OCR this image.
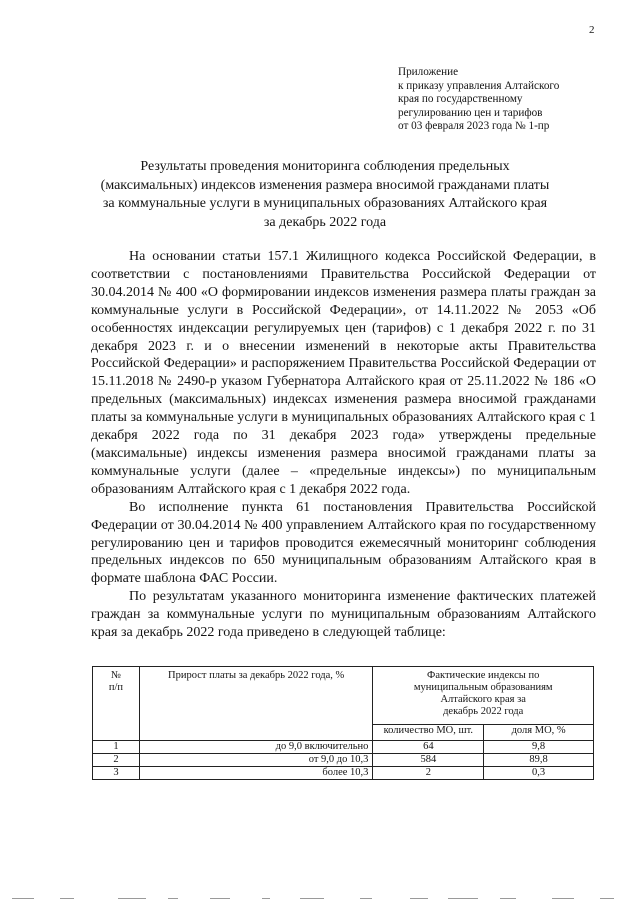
2
Приложение
к приказу управления Алтайского
края по государственному
регулированию цен и тарифов
от 03 февраля 2023 года № 1-пр
Результаты проведения мониторинга соблюдения предельных
(максимальных) индексов изменения размера вносимой гражданами платы
за коммунальные услуги в муниципальных образованиях Алтайского края
за декабрь 2022 года

На основании статьи 157.1 Жилищного кодекса Российской Федерации, в соответствии с постановлениями Правительства Российской Федерации от 30.04.2014 № 400 «О формировании индексов изменения размера платы граждан за коммунальные услуги в Российской Федерации», от 14.11.2022 № 2053 «Об особенностях индексации регулируемых цен (тарифов) с 1 декабря 2022 г. по 31 декабря 2023 г. и о внесении изменений в некоторые акты Правительства Российской Федерации» и распоряжением Правительства Российской Федерации от 15.11.2018 № 2490-р указом Губернатора Алтайского края от 25.11.2022 № 186 «О предельных (максимальных) индексах изменения размера вносимой гражданами платы за коммунальные услуги в муниципальных образованиях Алтайского края с 1 декабря 2022 года по 31 декабря 2023 года» утверждены предельные (максимальные) индексы изменения размера вносимой гражданами платы за коммунальные услуги (далее – «предельные индексы») по муниципальным образованиям Алтайского края с 1 декабря 2022 года.

Во исполнение пункта 61 постановления Правительства Российской Федерации от 30.04.2014 № 400 управлением Алтайского края по государственному регулированию цен и тарифов проводится ежемесячный мониторинг соблюдения предельных индексов по 650 муниципальным образованиям Алтайского края в формате шаблона ФАС России.

По результатам указанного мониторинга изменение фактических платежей граждан за коммунальные услуги по муниципальным образованиям Алтайского края за декабрь 2022 года приведено в следующей таблице:

№
п/п	Прирост платы за декабрь 2022 года, %	Фактические индексы по
муниципальным образованиям
Алтайского края за
декабрь 2022 года	
		количество МО, шт.	доля МО, %
1	до 9,0 включительно	64	9,8
2	от 9,0 до 10,3	584	89,8
3	более 10,3	2	0,3
